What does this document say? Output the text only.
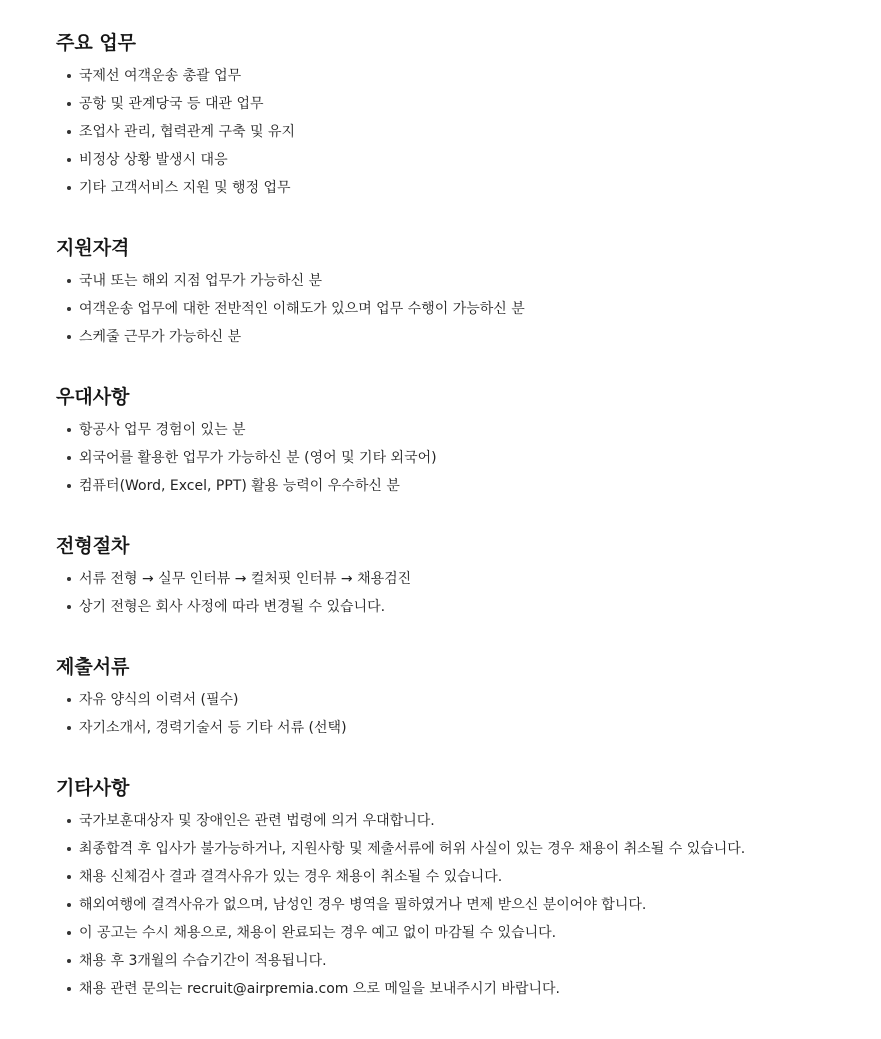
주요 업무
국제선 여객운송 총괄 업무
공항 및 관계당국 등 대관 업무
조업사 관리, 협력관계 구축 및 유지
비정상 상황 발생시 대응
기타 고객서비스 지원 및 행정 업무
지원자격
국내 또는 해외 지점 업무가 가능하신 분
여객운송 업무에 대한 전반적인 이해도가 있으며 업무 수행이 가능하신 분
스케줄 근무가 가능하신 분
우대사항
항공사 업무 경험이 있는 분
외국어를 활용한 업무가 가능하신 분 (영어 및 기타 외국어)
컴퓨터(Word, Excel, PPT) 활용 능력이 우수하신 분
전형절차
서류 전형 → 실무 인터뷰 → 컬처핏 인터뷰 → 채용검진
상기 전형은 회사 사정에 따라 변경될 수 있습니다.
제출서류
자유 양식의 이력서 (필수)
자기소개서, 경력기술서 등 기타 서류 (선택)
기타사항
국가보훈대상자 및 장애인은 관련 법령에 의거 우대합니다.
최종합격 후 입사가 불가능하거나, 지원사항 및 제출서류에 허위 사실이 있는 경우 채용이 취소될 수 있습니다.
채용 신체검사 결과 결격사유가 있는 경우 채용이 취소될 수 있습니다.
해외여행에 결격사유가 없으며, 남성인 경우 병역을 필하였거나 면제 받으신 분이어야 합니다.
이 공고는 수시 채용으로, 채용이 완료되는 경우 예고 없이 마감될 수 있습니다.
채용 후 3개월의 수습기간이 적용됩니다.
채용 관련 문의는 recruit@airpremia.com 으로 메일을 보내주시기 바랍니다.
